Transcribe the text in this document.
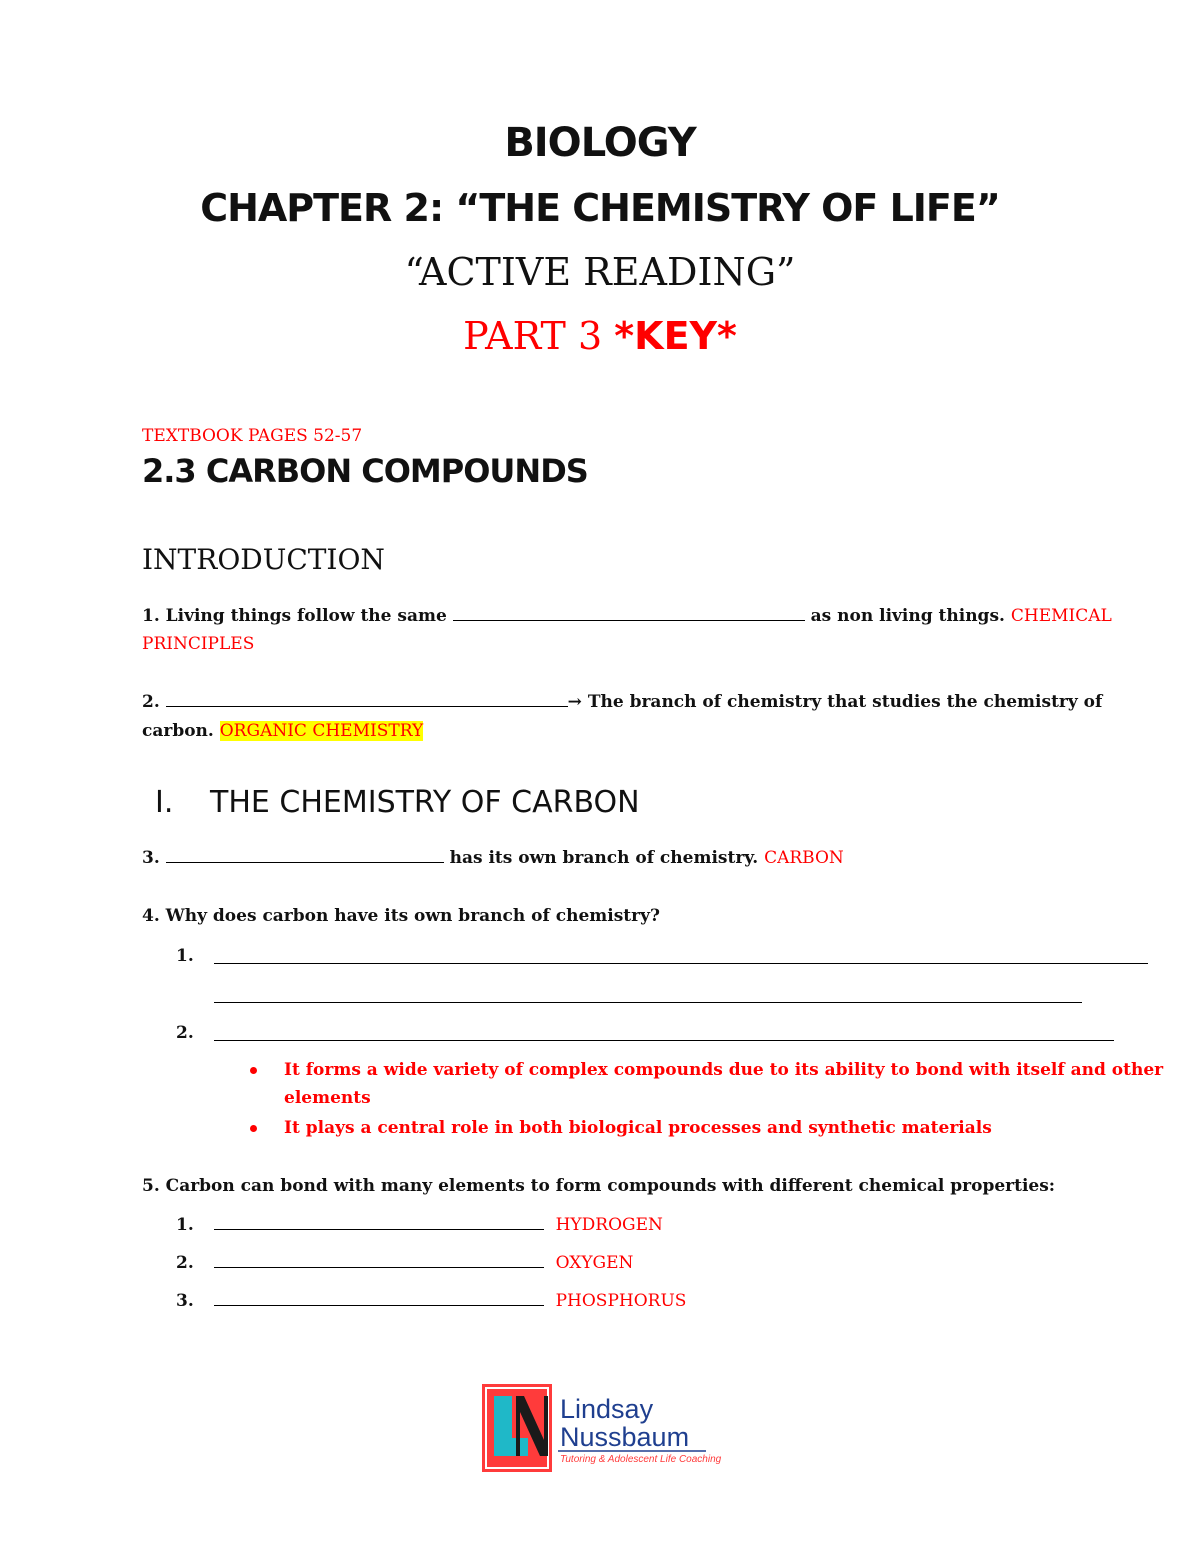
BIOLOGY
CHAPTER 2: “THE CHEMISTRY OF LIFE”
“ACTIVE READING”
PART 3 *KEY*
TEXTBOOK PAGES 52-57
2.3 CARBON COMPOUNDS
INTRODUCTION
1. Living things follow the same	as non living things. CHEMICAL
PRINCIPLES
2.	→ The branch of chemistry that studies the chemistry of
carbon. ORGANIC CHEMISTRY
I. THE CHEMISTRY OF CARBON
3.	has its own branch of chemistry. CARBON
4. Why does carbon have its own branch of chemistry?
1.
2.
It forms a wide variety of complex compounds due to its ability to bond with itself and other
elements
It plays a central role in both biological processes and synthetic materials
5. Carbon can bond with many elements to form compounds with different chemical properties:
1.	HYDROGEN
2.	OXYGEN
3.	PHOSPHORUS
Lindsay
Nussbaum
Tutoring & Adolescent Life Coaching
